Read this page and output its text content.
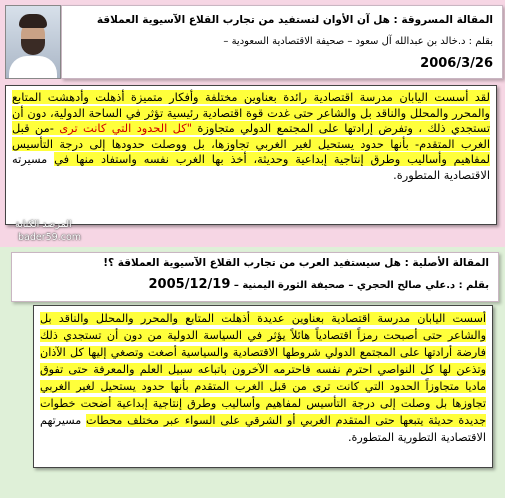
المقالة المسروقة : هل آن الأوان لنستفيد من تجارب القلاع الآسيوية العملاقة
بقلم : د.خالد بن عبدالله آل سعود – صحيفة الاقتصادية السعودية –
2006/3/26
لقد أسست اليابان مدرسة اقتصادية رائدة بعناوين مختلفة وأفكار متميزة أذهلت وأدهشت المتابع والمحرر والمحلل والناقد بل والشاعر حتى غدت قوة اقتصادية رئيسية تؤثر في الساحة الدولية، دون أن تستجدي ذلك ، وتفرض إرادتها على المجتمع الدولي متجاوزة "كل الحدود التي كانت ترى -من قبل الغرب المتقدم- بأنها حدود يستحيل لغير الغربي تجاوزها، بل ووصلت حدودها إلى درجة التأسيس لمفاهيم وأساليب وطرق إنتاجية إبداعية وحديثة، أخذ بها الغرب نفسه واستفاد منها في مسيرته الاقتصادية المتطورة.
المرصد الكتابة
bader59.com
المقالة الأصلية : هل سيستفيد العرب من تجارب القلاع الآسيوية العملاقة ؟!
بقلم : د.علي صالح الحجري – صحيفة الثورة اليمنية – 2005/12/19
أسست اليابان مدرسة اقتصادية بعناوين عديدة أذهلت المتابع والمحرر والمحلل والناقد بل والشاعر حتى أصبحت رمزاً اقتصادياً هائلاً يؤثر في السياسة الدولية من دون أن تستجدي ذلك فارضة أرادتها على المجتمع الدولي شروطها الاقتصادية والسياسية أصغت وتصغي إليها كل الآذان وتذعن لها كل النواصي احترم نفسه فاحترمه الآخرون باتباعه سبيل العلم والمعرفة حتى تفوق ماديا متجاوزاً الحدود التي كانت ترى من قبل الغرب المتقدم بأنها حدود يستحيل لغير الغربي تجاوزها بل وصلت إلى درجة التأسيس لمفاهيم وأساليب وطرق إنتاجية إبداعية أضحت خطوات جديدة حديثة يتبعها حتى المتقدم الغربي أو الشرقي على السواء عبر مختلف محطات مسيرتهم الاقتصادية التطورية المتطورة.
